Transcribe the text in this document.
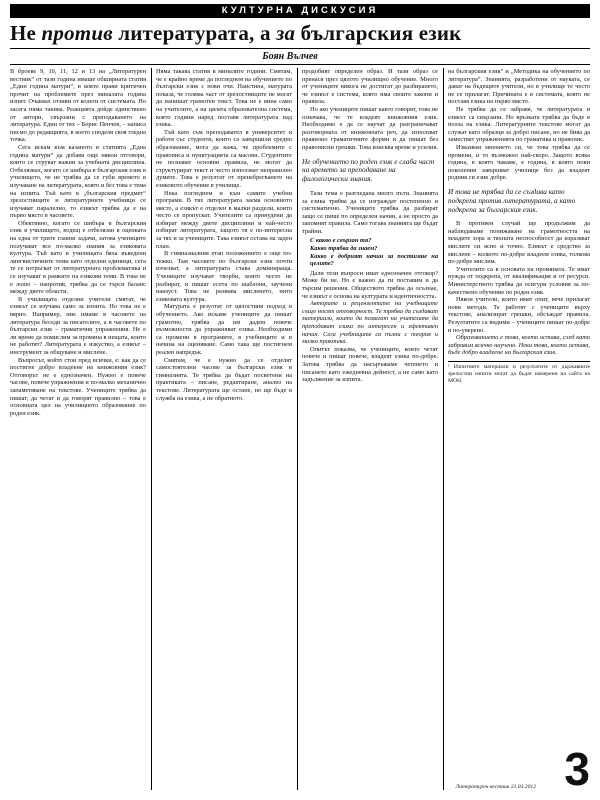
КУЛТУРНА ДИСКУСИЯ
Не против литературата, а за българския език
Боян Вълчев

В броеве 9, 10, 11, 12 и 13 на „Литературен вестник“ от тази година имаше обширната статия „Един година матури“, в която прави критичен прочит на проблемите през миналата година изпит. Очаквах отзиви от колеги от системата. Но засега няма такива. Реакцията дойде единствено от автори, свързани с преподаването на литература. Един от тях – Борис Пенчев, – написа писмо до редакцията, в което споделя своя гледна точка.

Сега искам към казаното в статията „Една година матури“ да добавя още някои отговори, които се струват важни за учебната дисциплина. Отбелязвах, когато се шибъра в българския език в училището, че не трябва да се губи времето в изучаване на литературата, която и без това е тема на изпита. Тъй като в „българския предмет“ зрелостниците и литературните учебници се изучават паралелно, то езикът трябва да е на първо място в часовете.

Обективно, когато се шибъра в българския език в училището, водещ е отбелязан в оценката на една от трите главни задачи, затова учениците получават все по-малко знания за езиковата култура. Тъй като в училищата бяха въведени лингвистичните теми като отделни единици, сега те се изтръгват от литературната проблематика и се изучават в рамките на езикови теми. В това не е лошо – напротив, трябва да се търси баланс между двете области.

В училищата отделни учители смятат, че езикът се изучава само за изпита. Но това не е вярно. Например, ние имаме в часовете на литература беседи за писателите, а в часовете по български език – граматични упражнения. Не е ли време да помислим за промяна в нещата, които не работят? Литературата е изкуство, а езикът – инструмент за общуване и мислене.

Въпросът, който стои пред всички, е: как да се постигне добро владеене на книжовния език? Отговорът не е еднозначен. Нужно е повече часове, повече упражнения и по-малко механично запаметяване на текстове. Учениците трябва да пишат, да четат и да говорят правилно – това е основната цел на училищното образование по роден език.

Няма такава статия в миналите години. Смятам, че е крайно време да погледнем на обучението по български език с нови очи. Наистина, матурата показа, че голяма част от зрелостниците не могат да напишат грамотен текст. Това не е вина само на учителите, а на цялата образователна система, която години наред поставя литературата над езика.

Тъй като съм преподавател в университет и работя със студенти, които са завършили средно образование, мога да кажа, че проблемите с правописа и пунктуацията са масови. Студентите не познават основни правила, не могат да структурират текст и често използват неправилно думите. Това е резултат от пренебрегването на езиковото обучение в училище.

Нека погледнем и към самите учебни програми. В тях литературата заема основното място, а езикът е отделен в малки раздели, които често се пропускат. Учителите са принудени да избират между двете дисциплини и най-често избират литературата, защото тя е по-интересна за тях и за учениците. Така езикът остава на заден план.

В гимназиалния етап положението е още по-тежко. Там часовете по български език почти изчезват, а литературата става доминираща. Учениците изучават творби, които често не разбират, и пишат есета по шаблони, заучени наизуст. Това не развива мисленето, нито езиковата култура.

Матурата е резултат от цялостния подход в обучението. Ако искаме учениците да пишат грамотно, трябва да им дадем повече възможности да упражняват езика. Необходими са промени в програмите, в учебниците и в начина на оценяване. Само така ще постигнем реален напредък.

Смятам, че е нужно да се отделят самостоятелни часове за български език в гимназията. Те трябва да бъдат посветени на практиката – писане, редактиране, анализ на текстове. Литературата ще остане, но ще бъде в служба на езика, а не обратното.

продобият определен образ. И тази образ се пренася през цялото училищно обучение. Много от учениците никога не достигат до разбирането, че езикът е система, която има своите закони и правила.

Но ако учениците пишат както говорят, това не означава, че те владеят книжовния език. Необходимо е да се научат да разграничават разговорната от книжовната реч, да използват правилно граматичните форми и да пишат без правописни грешки. Това изисква време и усилия.

Не обучението по роден език е слаба част на времето за преподаване на филологически знания.

Тази тема е разгледана много пъти. Знанията за езика трябва да се изграждат постепенно и систематично. Учениците трябва да разбират защо се пише по определен начин, а не просто да запомнят правила. Само тогава знанията ще бъдат трайни.

С какво е свързан тя?
Какво трябва да знаем?
Какво е добрият начин за постигане на целите?

Дали тези въпроси имат еднозначен отговор? Може би не. Но е важно да ги поставим и да търсим решения. Обществото трябва да осъзнае, че езикът е основа на културата и идентичността.

Авторите и рецензентите на учебниците също носят отговорност. Те трябва да създават материали, които да помагат на учителите да преподават езика по интересен и ефективен начин. Сега учебниците са пълни с теория и малко практика.

Опитът показва, че учениците, които четат повече и пишат повече, владеят езика по-добре. Затова трябва да насърчаваме четенето и писането като ежедневна дейност, а не само като задължение за изпита.

на българския език“ и „Методика на обучението по литература“. Знанията, разработени от науката, се дават на бъдещите учители, но в училище те често не се прилагат. Причината е в системата, която не поставя езика на първо място.

Не трябва да се забравя, че литературата и езикът са свързани. Но връзката трябва да бъде в полза на езика. Литературните текстове могат да служат като образци за добро писане, но не бива да заместват упражненията по граматика и правопис.

Изказвам мнението си, че това трябва да се промени, и то възможно най-скоро. Защото всяка година, в която чакаме, е година, в която нови поколения завършват училище без да владеят родния си език добре.

И това не трябва да се създава като подкрепа против литературата, а като подкрепа за българския език.

В противен случай ще продължим да наблюдаваме понижаване на грамотността на младите хора и тяхната неспособност да изразяват мислите си ясно и точно. Езикът е средство за мислене – колкото по-добре владеем езика, толкова по-добре мислим.

Учителите са в основата на промяната. Те имат нужда от подкрепа, от квалификация и от ресурси. Министерството трябва да осигури условия за по-качествено обучение по роден език.

Някои учители, които имат опит, вече прилагат нови методи. Те работят с учениците върху текстове, анализират грешки, обсъждат правила. Резултатите са видими – учениците пишат по-добре и по-уверено.

Образованието е това, което остава, след като забравим всичко научено. Нека това, което остава, бъде добро владеене на българския език.

¹ Изпитните материали и резултатите от държавните зрелостни изпити могат да бъдат намерени на сайта на МОН.
Литературен вестник 21.03.2012 3
